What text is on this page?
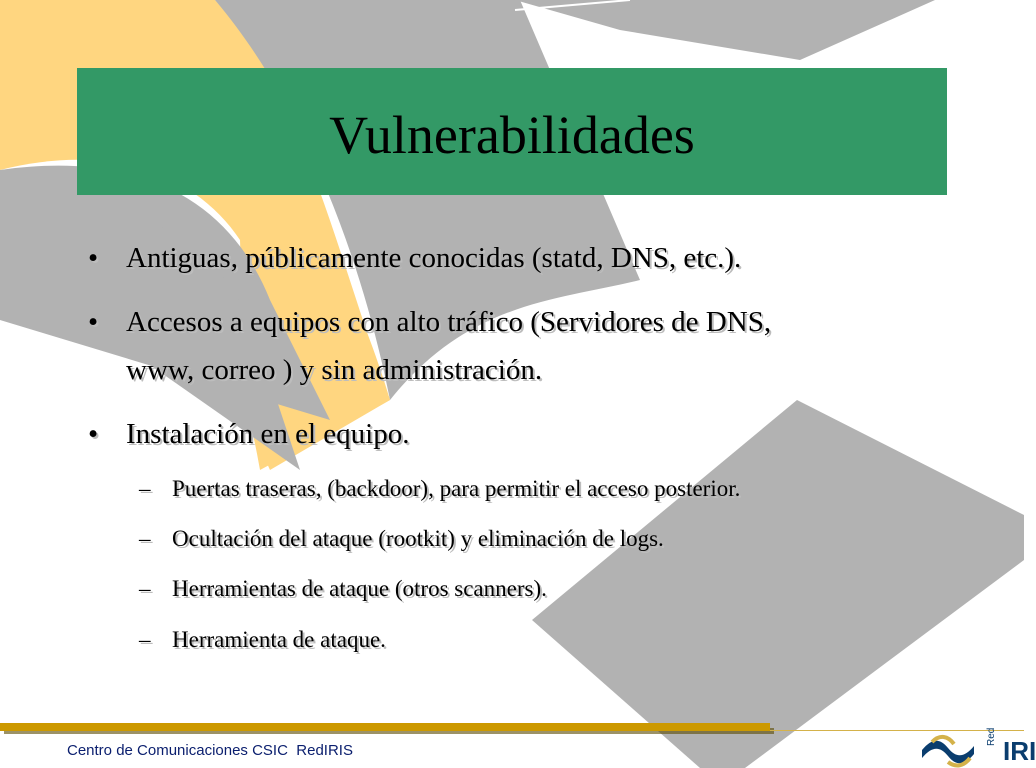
Vulnerabilidades
• Antiguas, públicamente conocidas (statd, DNS, etc.).
• Accesos a equipos con alto tráfico (Servidores de DNS,
www, correo ) y sin administración.
• Instalación en el equipo.
– Puertas traseras, (backdoor), para permitir el acceso posterior.
– Ocultación del ataque (rootkit) y eliminación de logs.
– Herramientas de ataque (otros scanners).
– Herramienta de ataque.
Centro de Comunicaciones CSIC  RedIRIS
Red IRI
